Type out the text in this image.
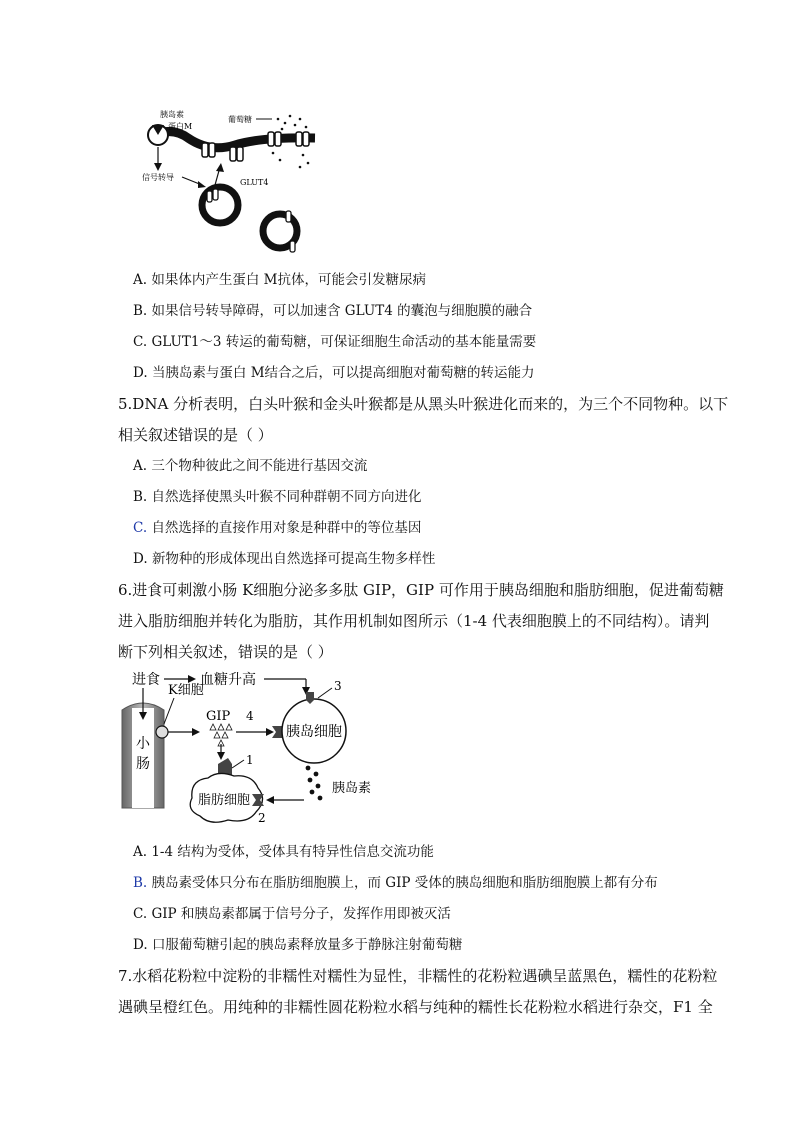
胰岛素
蛋白M
葡萄糖
信号转导
GLUT4
A. 如果体内产生蛋白 M抗体，可能会引发糖尿病
B. 如果信号转导障碍，可以加速含 GLUT4 的囊泡与细胞膜的融合
C. GLUT1～3 转运的葡萄糖，可保证细胞生命活动的基本能量需要
D. 当胰岛素与蛋白 M结合之后，可以提高细胞对葡萄糖的转运能力
5.DNA 分析表明，白头叶猴和金头叶猴都是从黑头叶猴进化而来的，为三个不同物种。以下
相关叙述错误的是（ ）
A. 三个物种彼此之间不能进行基因交流
B. 自然选择使黑头叶猴不同种群朝不同方向进化
C. 自然选择的直接作用对象是种群中的等位基因
D. 新物种的形成体现出自然选择可提高生物多样性
6.进食可刺激小肠 K细胞分泌多多肽 GIP，GIP 可作用于胰岛细胞和脂肪细胞，促进葡萄糖
进入脂肪细胞并转化为脂肪，其作用机制如图所示（1-4 代表细胞膜上的不同结构）。请判
断下列相关叙述，错误的是（ ）
进食	血糖升高
小
肠
K细胞
GIP 4
胰岛细胞
3
胰岛素
1
脂肪细胞
2
A. 1-4 结构为受体，受体具有特异性信息交流功能
B. 胰岛素受体只分布在脂肪细胞膜上，而 GIP 受体的胰岛细胞和脂肪细胞膜上都有分布
C. GIP 和胰岛素都属于信号分子，发挥作用即被灭活
D. 口服葡萄糖引起的胰岛素释放量多于静脉注射葡萄糖
7.水稻花粉粒中淀粉的非糯性对糯性为显性，非糯性的花粉粒遇碘呈蓝黑色，糯性的花粉粒
遇碘呈橙红色。用纯种的非糯性圆花粉粒水稻与纯种的糯性长花粉粒水稻进行杂交，F1 全
